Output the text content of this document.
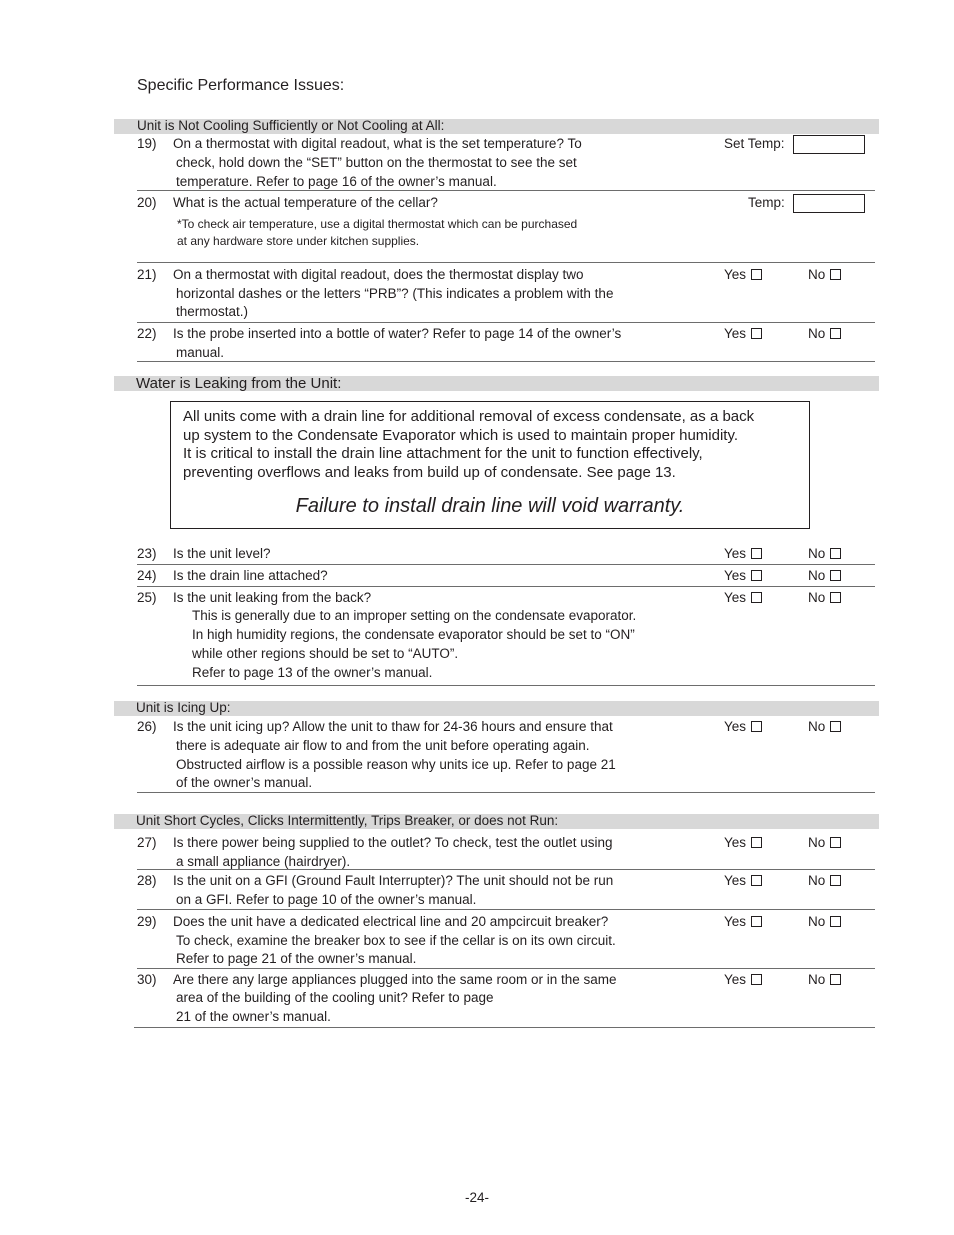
Specific Performance Issues:
Unit is Not Cooling Sufficiently or Not Cooling at All:
19) On a thermostat with digital readout, what is the set temperature? To
check, hold down the “SET” button on the thermostat to see the set
temperature. Refer to page 16 of the owner’s manual.
Set Temp:
20) What is the actual temperature of the cellar?
*To check air temperature, use a digital thermostat which can be purchased
at any hardware store under kitchen supplies.
Temp:
21) On a thermostat with digital readout, does the thermostat display two
horizontal dashes or the letters “PRB”? (This indicates a problem with the
thermostat.)
Yes	No
22) Is the probe inserted into a bottle of water? Refer to page 14 of the owner’s
manual.
Yes	No
Water is Leaking from the Unit:
All units come with a drain line for additional removal of excess condensate, as a back
up system to the Condensate Evaporator which is used to maintain proper humidity.
It is critical to install the drain line attachment for the unit to function effectively,
preventing overflows and leaks from build up of condensate. See page 13.
Failure to install drain line will void warranty.
23) Is the unit level?	Yes	No
24) Is the drain line attached?	Yes	No
25) Is the unit leaking from the back?
This is generally due to an improper setting on the condensate evaporator.
In high humidity regions, the condensate evaporator should be set to “ON”
while other regions should be set to “AUTO”.
Refer to page 13 of the owner’s manual.
Yes	No
Unit is Icing Up:
26) Is the unit icing up? Allow the unit to thaw for 24-36 hours and ensure that
there is adequate air flow to and from the unit before operating again.
Obstructed airflow is a possible reason why units ice up. Refer to page 21
of the owner’s manual.
Yes	No
Unit Short Cycles, Clicks Intermittently, Trips Breaker, or does not Run:
27) Is there power being supplied to the outlet? To check, test the outlet using
a small appliance (hairdryer).
Yes	No
28) Is the unit on a GFI (Ground Fault Interrupter)? The unit should not be run
on a GFI. Refer to page 10 of the owner’s manual.
Yes	No
29) Does the unit have a dedicated electrical line and 20 ampcircuit breaker?
To check, examine the breaker box to see if the cellar is on its own circuit.
Refer to page 21 of the owner’s manual.
Yes	No
30) Are there any large appliances plugged into the same room or in the same
area of the building of the cooling unit? Refer to page
21 of the owner’s manual.
Yes	No
-24-
